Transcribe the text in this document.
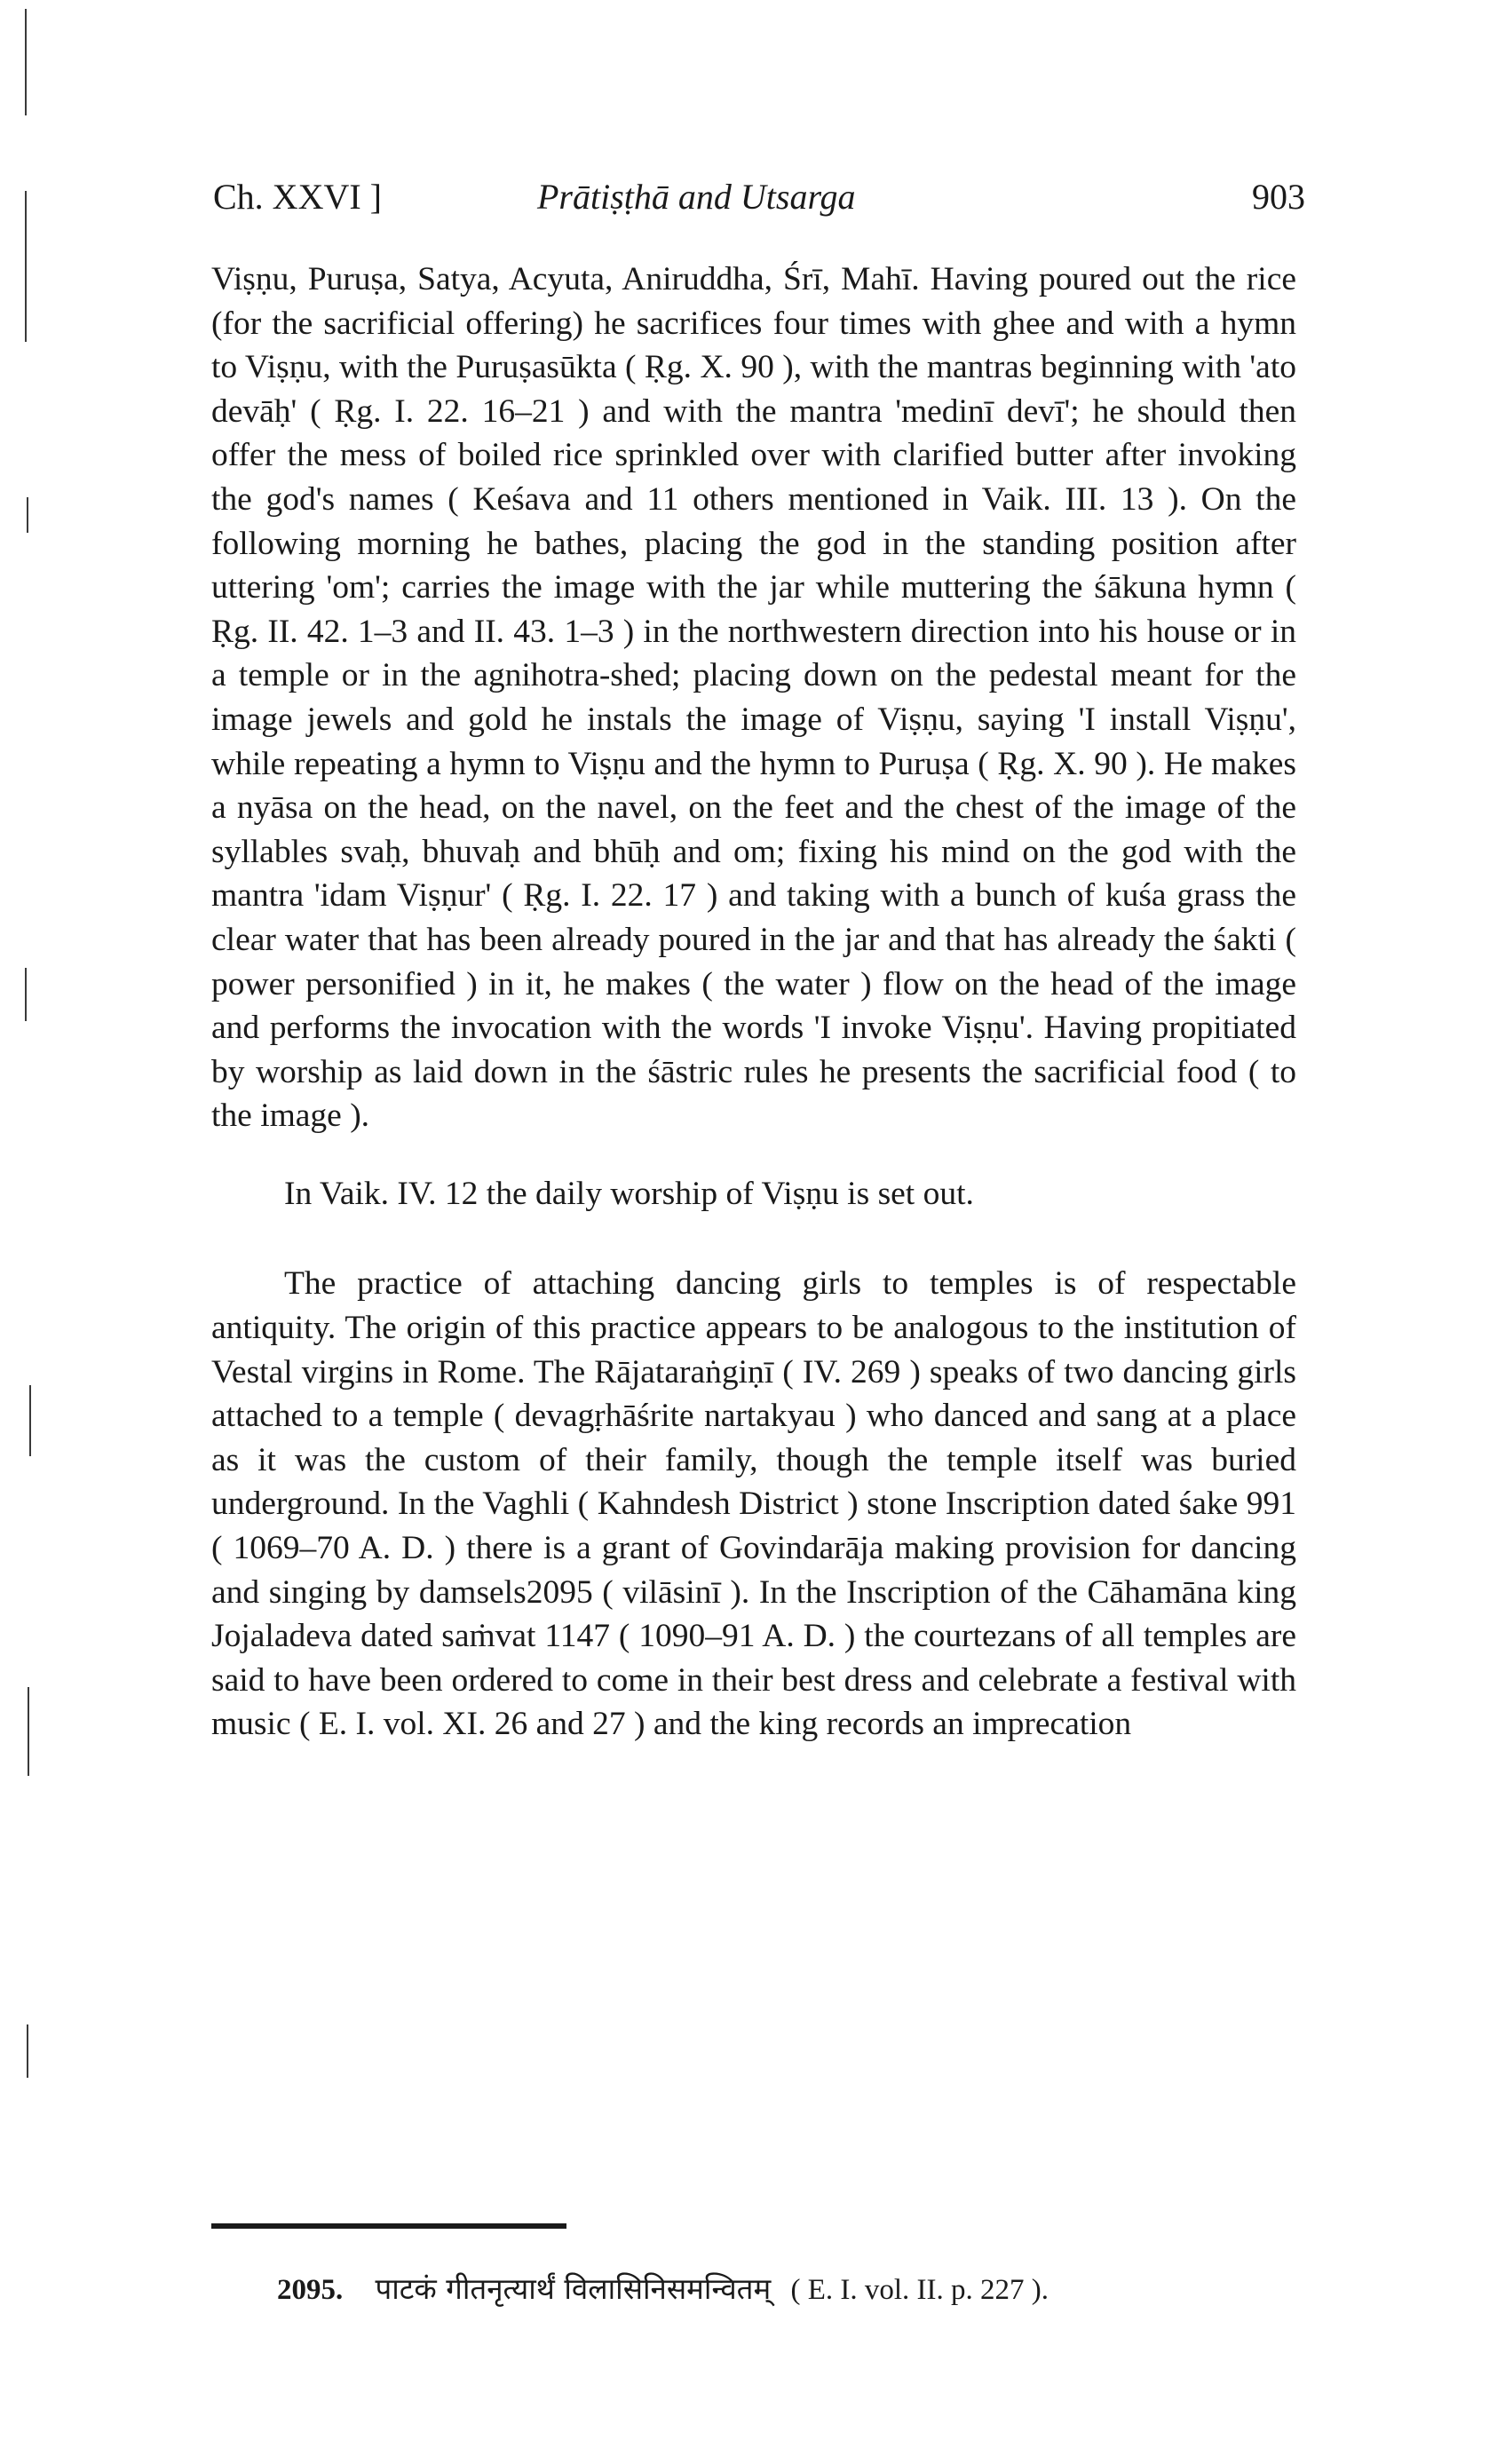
Ch. XXVI ]	Prātiṣṭhā and Utsarga	903

Viṣṇu, Puruṣa, Satya, Acyuta, Aniruddha, Śrī, Mahī. Having poured out the rice (for the sacrificial offering) he sacrifices four times with ghee and with a hymn to Viṣṇu, with the Puruṣasūkta ( Ṛg. X. 90 ), with the mantras beginning with 'ato devāḥ' ( Ṛg. I. 22. 16–21 ) and with the mantra 'medinī devī'; he should then offer the mess of boiled rice sprinkled over with clarified butter after invoking the god's names ( Keśava and 11 others mentioned in Vaik. III. 13 ). On the following morning he bathes, placing the god in the standing position after uttering 'om'; carries the image with the jar while muttering the śākuna hymn ( Ṛg. II. 42. 1–3 and II. 43. 1–3 ) in the northwestern direction into his house or in a temple or in the agnihotra-shed; placing down on the pedestal meant for the image jewels and gold he instals the image of Viṣṇu, saying 'I install Viṣṇu', while repeating a hymn to Viṣṇu and the hymn to Puruṣa ( Ṛg. X. 90 ). He makes a nyāsa on the head, on the navel, on the feet and the chest of the image of the syllables svaḥ, bhuvaḥ and bhūḥ and om; fixing his mind on the god with the mantra 'idam Viṣṇur' ( Ṛg. I. 22. 17 ) and taking with a bunch of kuśa grass the clear water that has been already poured in the jar and that has already the śakti ( power personified ) in it, he makes ( the water ) flow on the head of the image and performs the invocation with the words 'I invoke Viṣṇu'. Having propitiated by worship as laid down in the śāstric rules he presents the sacrificial food ( to the image ).

In Vaik. IV. 12 the daily worship of Viṣṇu is set out.

The practice of attaching dancing girls to temples is of respectable antiquity. The origin of this practice appears to be analogous to the institution of Vestal virgins in Rome. The Rājataraṅgiṇī ( IV. 269 ) speaks of two dancing girls attached to a temple ( devagṛhāśrite nartakyau ) who danced and sang at a place as it was the custom of their family, though the temple itself was buried underground. In the Vaghli ( Kahndesh District ) stone Inscription dated śake 991 ( 1069–70 A. D. ) there is a grant of Govindarāja making provision for dancing and singing by damsels2095 ( vilāsinī ). In the Inscription of the Cāhamāna king Jojaladeva dated saṁvat 1147 ( 1090–91 A. D. ) the courtezans of all temples are said to have been ordered to come in their best dress and celebrate a festival with music ( E. I. vol. XI. 26 and 27 ) and the king records an imprecation

2095. पाटकं गीतनृत्यार्थं विलासिनिसमन्वितम् ( E. I. vol. II. p. 227 ).
